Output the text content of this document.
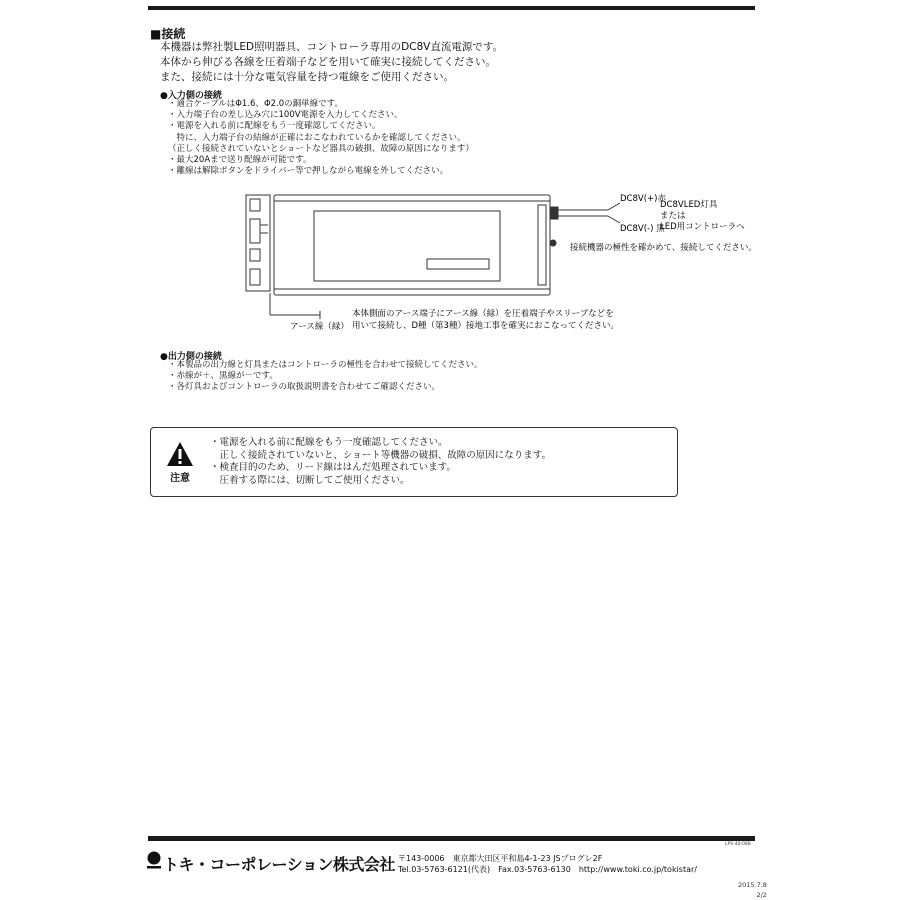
■接続
本機器は弊社製LED照明器具、コントローラ専用のDC8V直流電源です。
本体から伸びる各線を圧着端子などを用いて確実に接続してください。
また、接続には十分な電気容量を持つ電線をご使用ください。
●入力側の接続
・適合ケーブルはΦ1.6、Φ2.0の銅単線です。
・入力端子台の差し込み穴に100V電源を入力してください。
・電源を入れる前に配線をもう一度確認してください。
　特に、入力端子台の結線が正確におこなわれているかを確認してください。
（正しく接続されていないとショートなど器具の破損、故障の原因になります）
・最大20Aまで送り配線が可能です。
・離線は解除ボタンをドライバー等で押しながら電線を外してください。
DC8V(+)赤
DC8V(-) 黒
DC8VLED灯具
または
LED用コントローラへ
接続機器の極性を確かめて、接続してください。
アース線（緑）
本体側面のアース端子にアース線（緑）を圧着端子やスリーブなどを
用いて接続し、D種（第3種）接地工事を確実におこなってください。
●出力側の接続
・本製品の出力線と灯具またはコントローラの極性を合わせて接続してください。
・赤線が＋、黒線が－です。
・各灯具およびコントローラの取扱説明書を合わせてご確認ください。
注意
・電源を入れる前に配線をもう一度確認してください。
　正しく接続されていないと、ショート等機器の破損、故障の原因になります。
・検査目的のため、リード線ははんだ処理されています。
　圧着する際には、切断してご使用ください。
LPS-40-08B
トキ・コーポレーション株式会社 〒143-0006　東京都大田区平和島4-1-23 JSプログレ2F
Tel.03-5763-6121(代表)　Fax.03-5763-6130　http://www.toki.co.jp/tokistar/
2015.7.8
2/2
